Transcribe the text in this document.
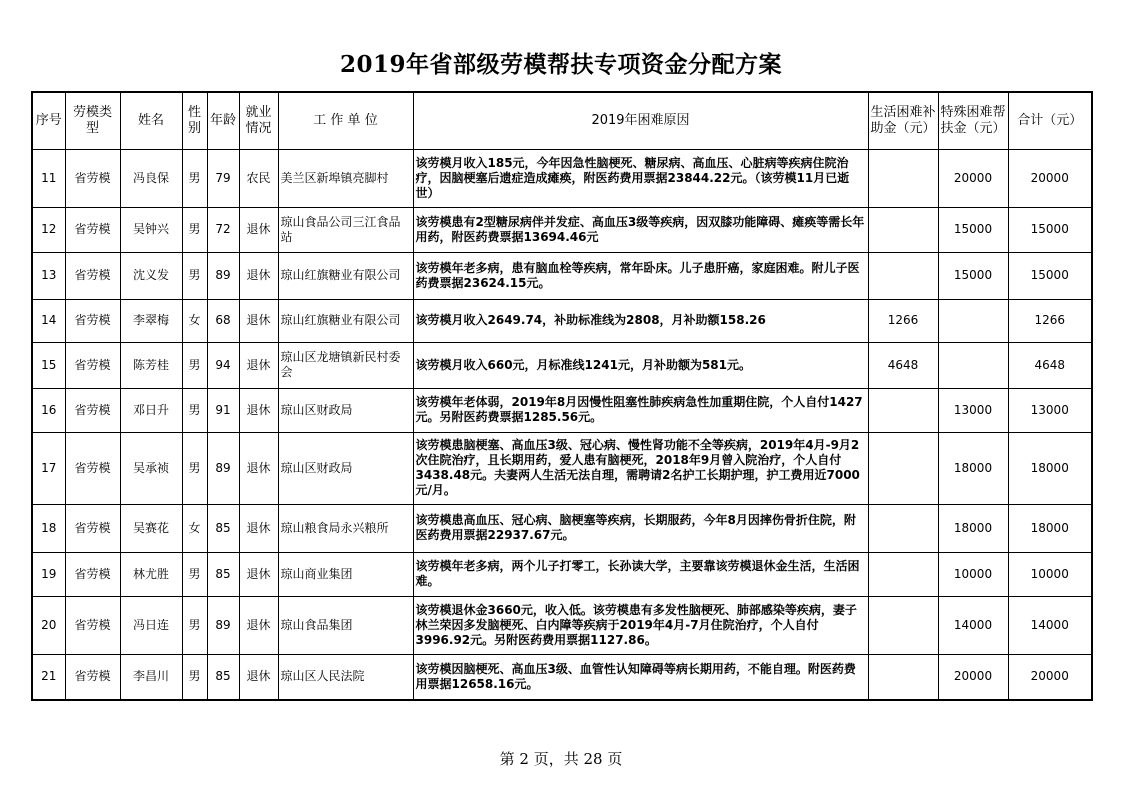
2019年省部级劳模帮扶专项资金分配方案
序号	劳模类型	姓名	性别	年龄	就业情况	工 作 单 位	2019年困难原因	生活困难补助金（元）	特殊困难帮扶金（元）	合计（元）
11	省劳模	冯良保	男	79	农民	美兰区新埠镇亮脚村	该劳模月收入185元，今年因急性脑梗死、糖尿病、高血压、心脏病等疾病住院治疗，因脑梗塞后遗症造成瘫痪，附医药费用票据23844.22元。（该劳模11月已逝世）		20000	20000
12	省劳模	吴钟兴	男	72	退休	琼山食品公司三江食品站	该劳模患有2型糖尿病伴并发症、高血压3级等疾病，因双膝功能障碍、瘫痪等需长年用药，附医药费票据13694.46元		15000	15000
13	省劳模	沈义发	男	89	退休	琼山红旗糖业有限公司	该劳模年老多病，患有脑血栓等疾病，常年卧床。儿子患肝癌，家庭困难。附儿子医药费票据23624.15元。		15000	15000
14	省劳模	李翠梅	女	68	退休	琼山红旗糖业有限公司	该劳模月收入2649.74，补助标准线为2808，月补助额158.26	1266		1266
15	省劳模	陈芳桂	男	94	退休	琼山区龙塘镇新民村委会	该劳模月收入660元，月标准线1241元，月补助额为581元。	4648		4648
16	省劳模	邓日升	男	91	退休	琼山区财政局	该劳模年老体弱，2019年8月因慢性阻塞性肺疾病急性加重期住院，个人自付1427元。另附医药费票据1285.56元。		13000	13000
17	省劳模	吴承祯	男	89	退休	琼山区财政局	该劳模患脑梗塞、高血压3级、冠心病、慢性肾功能不全等疾病，2019年4月-9月2次住院治疗，且长期用药，爱人患有脑梗死，2018年9月曾入院治疗，个人自付3438.48元。夫妻两人生活无法自理，需聘请2名护工长期护理，护工费用近7000元/月。		18000	18000
18	省劳模	吴赛花	女	85	退休	琼山粮食局永兴粮所	该劳模患高血压、冠心病、脑梗塞等疾病，长期服药，今年8月因摔伤骨折住院，附医药费用票据22937.67元。		18000	18000
19	省劳模	林尤胜	男	85	退休	琼山商业集团	该劳模年老多病，两个儿子打零工，长孙读大学，主要靠该劳模退休金生活，生活困难。		10000	10000
20	省劳模	冯日连	男	89	退休	琼山食品集团	该劳模退休金3660元，收入低。该劳模患有多发性脑梗死、肺部感染等疾病，妻子林兰荣因多发脑梗死、白内障等疾病于2019年4月-7月住院治疗，个人自付3996.92元。另附医药费用票据1127.86。		14000	14000
21	省劳模	李昌川	男	85	退休	琼山区人民法院	该劳模因脑梗死、高血压3级、血管性认知障碍等病长期用药，不能自理。附医药费用票据12658.16元。		20000	20000
第 2 页，共 28 页
